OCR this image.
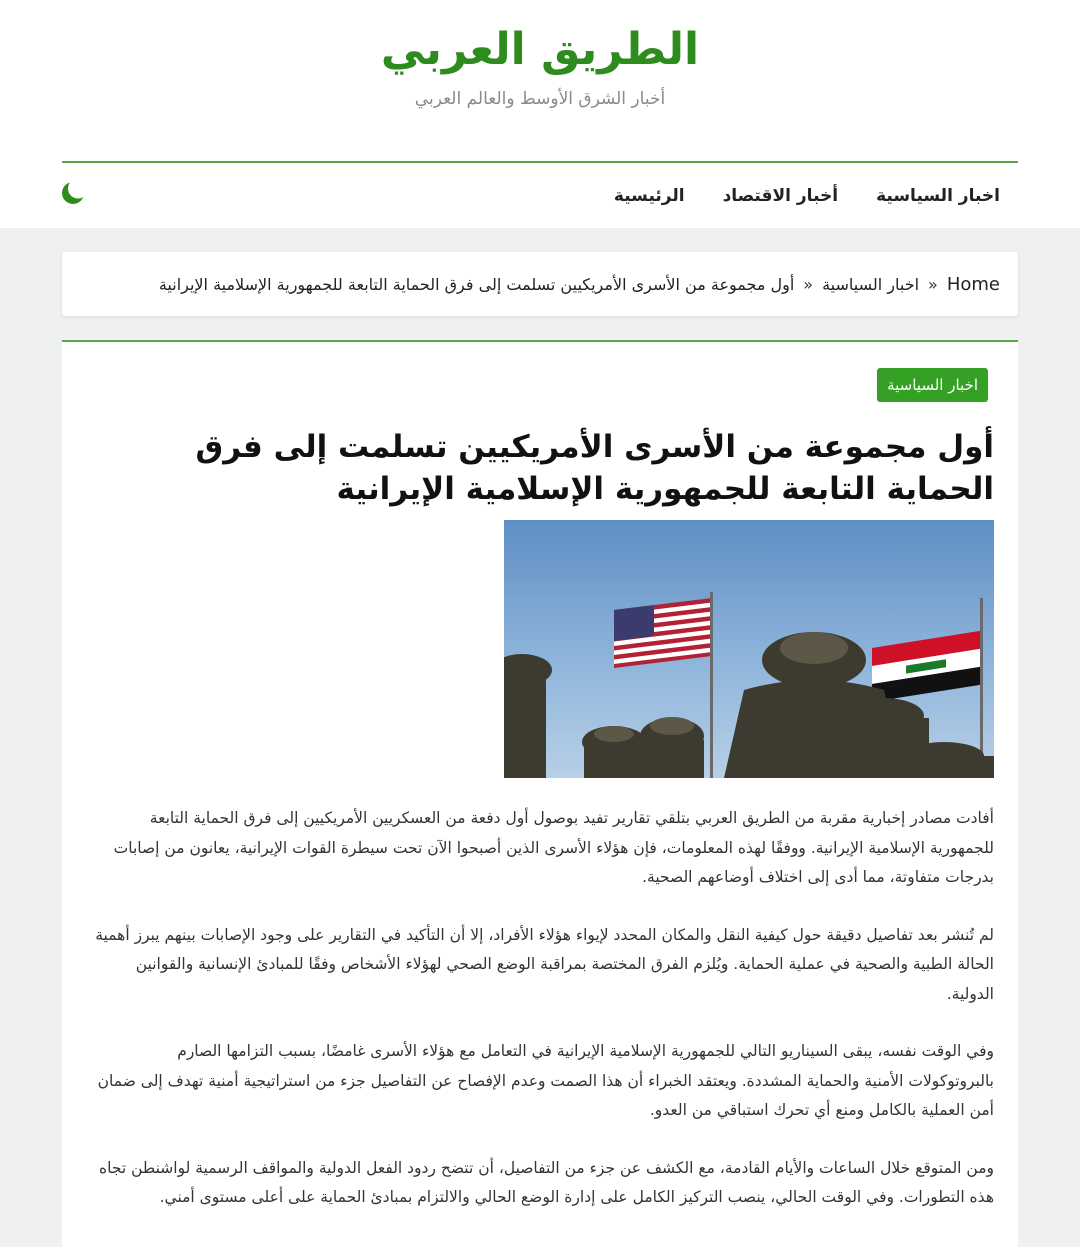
الطريق العربي
أخبار الشرق الأوسط والعالم العربي
الرئيسية أخبار الاقتصاد اخبار السياسية
Home
«
اخبار السياسية
«
أول مجموعة من الأسرى الأمريكيين تسلمت إلى فرق الحماية التابعة للجمهورية الإسلامية الإيرانية
اخبار السياسية
أول مجموعة من الأسرى الأمريكيين تسلمت إلى فرق الحماية التابعة للجمهورية الإسلامية الإيرانية

أفادت مصادر إخبارية مقربة من الطريق العربي بتلقي تقارير تفيد بوصول أول دفعة من العسكريين الأمريكيين إلى فرق الحماية التابعة للجمهورية الإسلامية الإيرانية. ووفقًا لهذه المعلومات، فإن هؤلاء الأسرى الذين أصبحوا الآن تحت سيطرة القوات الإيرانية، يعانون من إصابات بدرجات متفاوتة، مما أدى إلى اختلاف أوضاعهم الصحية.

لم تُنشر بعد تفاصيل دقيقة حول كيفية النقل والمكان المحدد لإيواء هؤلاء الأفراد، إلا أن التأكيد في التقارير على وجود الإصابات بينهم يبرز أهمية الحالة الطبية والصحية في عملية الحماية. ويُلزم الفرق المختصة بمراقبة الوضع الصحي لهؤلاء الأشخاص وفقًا للمبادئ الإنسانية والقوانين الدولية.

وفي الوقت نفسه، يبقى السيناريو التالي للجمهورية الإسلامية الإيرانية في التعامل مع هؤلاء الأسرى غامضًا، بسبب التزامها الصارم بالبروتوكولات الأمنية والحماية المشددة. ويعتقد الخبراء أن هذا الصمت وعدم الإفصاح عن التفاصيل جزء من استراتيجية أمنية تهدف إلى ضمان أمن العملية بالكامل ومنع أي تحرك استباقي من العدو.

ومن المتوقع خلال الساعات والأيام القادمة، مع الكشف عن جزء من التفاصيل، أن تتضح ردود الفعل الدولية والمواقف الرسمية لواشنطن تجاه هذه التطورات. وفي الوقت الحالي، ينصب التركيز الكامل على إدارة الوضع الحالي والالتزام بمبادئ الحماية على أعلى مستوى أمني.
